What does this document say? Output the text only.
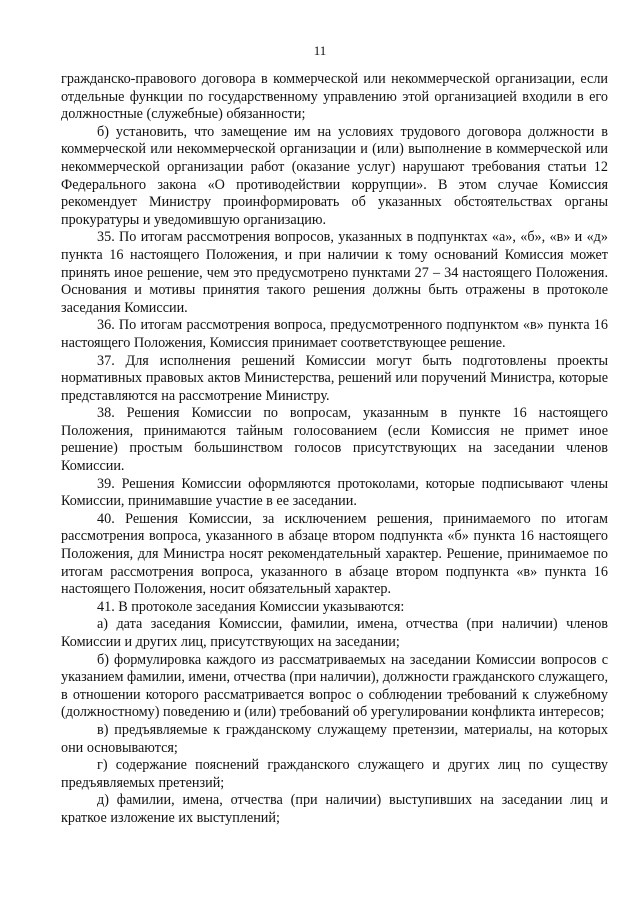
11

гражданско-правового договора в коммерческой или некоммерческой организации, если отдельные функции по государственному управлению этой организацией входили в его должностные (служебные) обязанности;

б) установить, что замещение им на условиях трудового договора должности в коммерческой или некоммерческой организации и (или) выполнение в коммерческой или некоммерческой организации работ (оказание услуг) нарушают требования статьи 12 Федерального закона «О противодействии коррупции». В этом случае Комиссия рекомендует Министру проинформировать об указанных обстоятельствах органы прокуратуры и уведомившую организацию.

35. По итогам рассмотрения вопросов, указанных в подпунктах «а», «б», «в» и «д» пункта 16 настоящего Положения, и при наличии к тому оснований Комиссия может принять иное решение, чем это предусмотрено пунктами 27 – 34 настоящего Положения. Основания и мотивы принятия такого решения должны быть отражены в протоколе заседания Комиссии.

36. По итогам рассмотрения вопроса, предусмотренного подпунктом «в» пункта 16 настоящего Положения, Комиссия принимает соответствующее решение.

37. Для исполнения решений Комиссии могут быть подготовлены проекты нормативных правовых актов Министерства, решений или поручений Министра, которые представляются на рассмотрение Министру.

38. Решения Комиссии по вопросам, указанным в пункте 16 настоящего Положения, принимаются тайным голосованием (если Комиссия не примет иное решение) простым большинством голосов присутствующих на заседании членов Комиссии.

39. Решения Комиссии оформляются протоколами, которые подписывают члены Комиссии, принимавшие участие в ее заседании.

40. Решения Комиссии, за исключением решения, принимаемого по итогам рассмотрения вопроса, указанного в абзаце втором подпункта «б» пункта 16 настоящего Положения, для Министра носят рекомендательный характер. Решение, принимаемое по итогам рассмотрения вопроса, указанного в абзаце втором подпункта «в» пункта 16 настоящего Положения, носит обязательный характер.

41. В протоколе заседания Комиссии указываются:

а) дата заседания Комиссии, фамилии, имена, отчества (при наличии) членов Комиссии и других лиц, присутствующих на заседании;

б) формулировка каждого из рассматриваемых на заседании Комиссии вопросов с указанием фамилии, имени, отчества (при наличии), должности гражданского служащего, в отношении которого рассматривается вопрос о соблюдении требований к служебному (должностному) поведению и (или) требований об урегулировании конфликта интересов;

в) предъявляемые к гражданскому служащему претензии, материалы, на которых они основываются;

г) содержание пояснений гражданского служащего и других лиц по существу предъявляемых претензий;

д) фамилии, имена, отчества (при наличии) выступивших на заседании лиц и краткое изложение их выступлений;
